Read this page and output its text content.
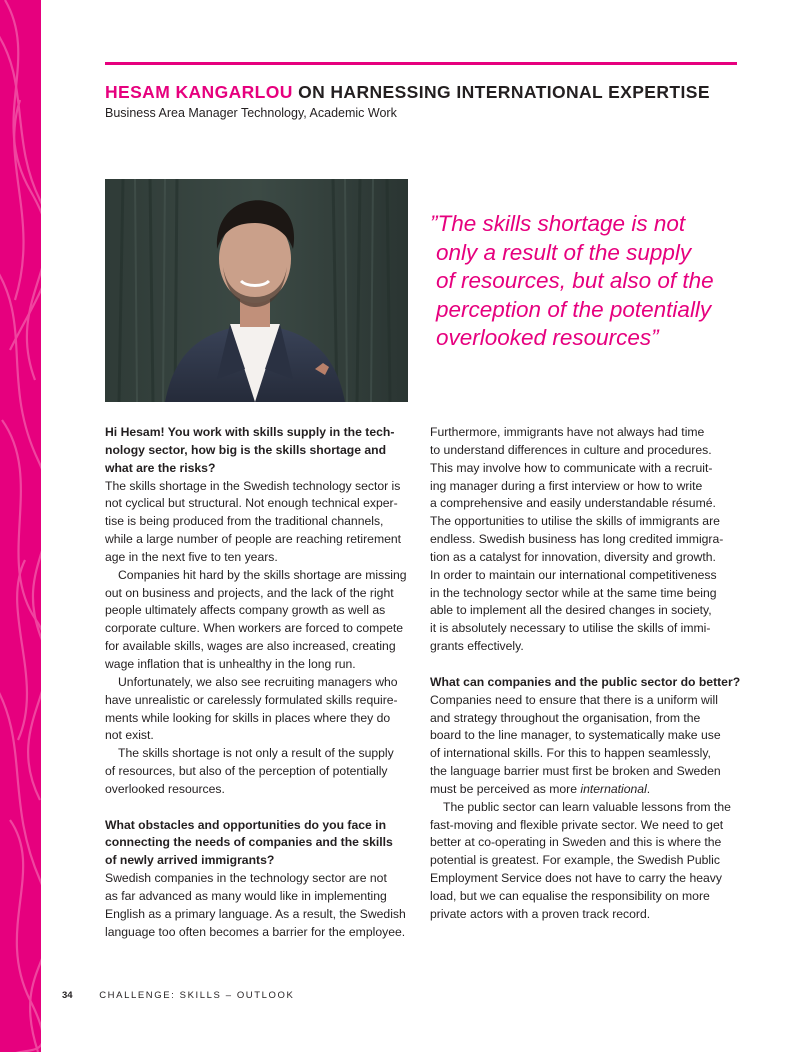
HESAM KANGARLOU ON HARNESSING INTERNATIONAL EXPERTISE
Business Area Manager Technology, Academic Work
”The skills shortage is not
only a result of the supply
of resources, but also of the
perception of the potentially
overlooked resources”
Hi Hesam! You work with skills supply in the tech-
nology sector, how big is the skills shortage and
what are the risks?
The skills shortage in the Swedish technology sector is
not cyclical but structural. Not enough technical exper-
tise is being produced from the traditional channels,
while a large number of people are reaching retirement
age in the next five to ten years.
Companies hit hard by the skills shortage are missing
out on business and projects, and the lack of the right
people ultimately affects company growth as well as
corporate culture. When workers are forced to compete
for available skills, wages are also increased, creating
wage inflation that is unhealthy in the long run.
Unfortunately, we also see recruiting managers who
have unrealistic or carelessly formulated skills require-
ments while looking for skills in places where they do
not exist.
The skills shortage is not only a result of the supply
of resources, but also of the perception of potentially
overlooked resources.
What obstacles and opportunities do you face in
connecting the needs of companies and the skills
of newly arrived immigrants?
Swedish companies in the technology sector are not
as far advanced as many would like in implementing
English as a primary language. As a result, the Swedish
language too often becomes a barrier for the employee.
Furthermore, immigrants have not always had time
to understand differences in culture and procedures.
This may involve how to communicate with a recruit-
ing manager during a first interview or how to write
a comprehensive and easily understandable résumé.
The opportunities to utilise the skills of immigrants are
endless. Swedish business has long credited immigra-
tion as a catalyst for innovation, diversity and growth.
In order to maintain our international competitiveness
in the technology sector while at the same time being
able to implement all the desired changes in society,
it is absolutely necessary to utilise the skills of immi-
grants effectively.
What can companies and the public sector do better?
Companies need to ensure that there is a uniform will
and strategy throughout the organisation, from the
board to the line manager, to systematically make use
of international skills. For this to happen seamlessly,
the language barrier must first be broken and Sweden
must be perceived as more international.
The public sector can learn valuable lessons from the
fast-moving and flexible private sector. We need to get
better at co-operating in Sweden and this is where the
potential is greatest. For example, the Swedish Public
Employment Service does not have to carry the heavy
load, but we can equalise the responsibility on more
private actors with a proven track record.
34	CHALLENGE: SKILLS – OUTLOOK
